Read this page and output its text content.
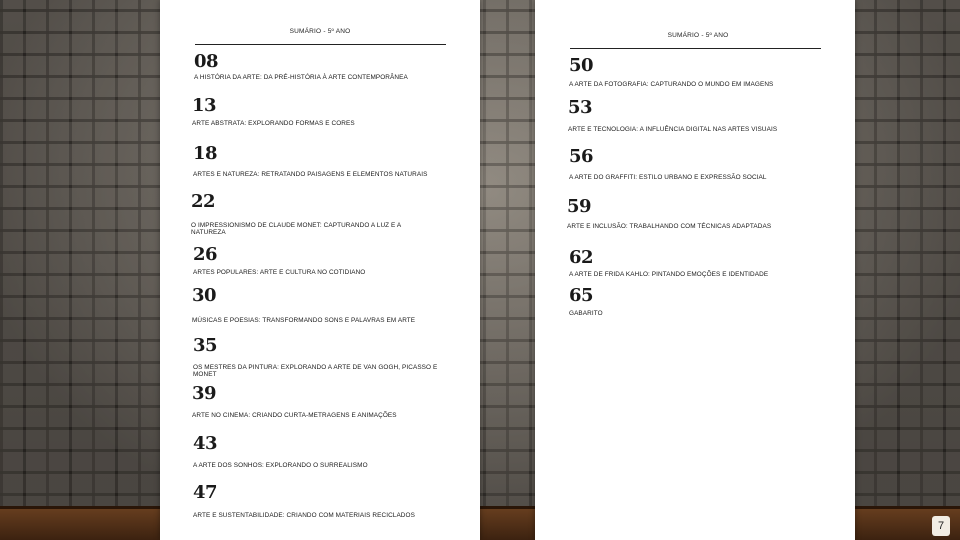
SUMÁRIO - 5º ANO
08
A HISTÓRIA DA ARTE: DA PRÉ-HISTÓRIA À ARTE CONTEMPORÂNEA
13
ARTE ABSTRATA: EXPLORANDO FORMAS E CORES
18
ARTES E NATUREZA: RETRATANDO PAISAGENS E ELEMENTOS NATURAIS
22
O IMPRESSIONISMO DE CLAUDE MONET: CAPTURANDO A LUZ E A NATUREZA
26
ARTES POPULARES: ARTE E CULTURA NO COTIDIANO
30
MÚSICAS E POESIAS: TRANSFORMANDO SONS E PALAVRAS EM ARTE
35
OS MESTRES DA PINTURA: EXPLORANDO A ARTE DE VAN GOGH, PICASSO E MONET
39
ARTE NO CINEMA: CRIANDO CURTA-METRAGENS E ANIMAÇÕES
43
A ARTE DOS SONHOS: EXPLORANDO O SURREALISMO
47
ARTE E SUSTENTABILIDADE: CRIANDO COM MATERIAIS RECICLADOS
SUMÁRIO - 5º ANO
50
A ARTE DA FOTOGRAFIA: CAPTURANDO O MUNDO EM IMAGENS
53
ARTE E TECNOLOGIA: A INFLUÊNCIA DIGITAL NAS ARTES VISUAIS
56
A ARTE DO GRAFFITI: ESTILO URBANO E EXPRESSÃO SOCIAL
59
ARTE E INCLUSÃO: TRABALHANDO COM TÉCNICAS ADAPTADAS
62
A ARTE DE FRIDA KAHLO: PINTANDO EMOÇÕES E IDENTIDADE
65
GABARITO
7
